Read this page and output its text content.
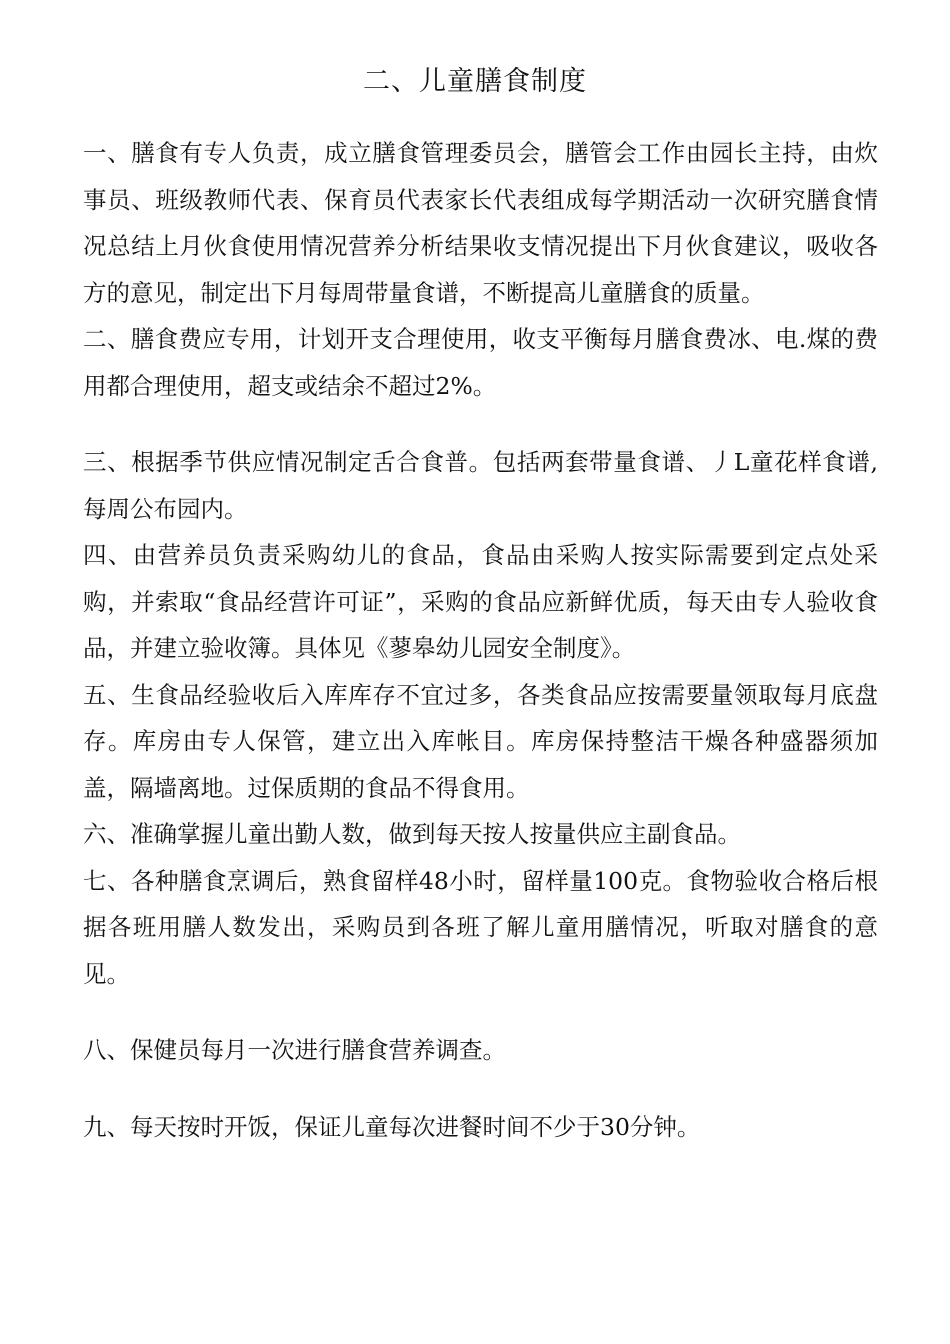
二、儿童膳食制度

一、膳食有专人负责，成立膳食管理委员会，膳管会工作由园长主持，由炊事员、班级教师代表、保育员代表家长代表组成每学期活动一次研究膳食情况总结上月伙食使用情况营养分析结果收支情况提出下月伙食建议，吸收各方的意见，制定出下月每周带量食谱，不断提高儿童膳食的质量。

二、膳食费应专用，计划开支合理使用，收支平衡每月膳食费冰、电.煤的费用都合理使用，超支或结余不超过2%。

三、根据季节供应情况制定舌合食普。包括两套带量食谱、丿L童花样食谱,每周公布园内。

四、由营养员负责采购幼儿的食品，食品由采购人按实际需要到定点处采购，并索取“食品经营许可证”，采购的食品应新鲜优质，每天由专人验收食品，并建立验收簿。具体见《蓼皋幼儿园安全制度》。

五、生食品经验收后入库库存不宜过多，各类食品应按需要量领取每月底盘存。库房由专人保管，建立出入库帐目。库房保持整洁干燥各种盛器须加盖，隔墙离地。过保质期的食品不得食用。

六、准确掌握儿童出勤人数，做到每天按人按量供应主副食品。

七、各种膳食烹调后，熟食留样48小时，留样量100克。食物验收合格后根据各班用膳人数发出，采购员到各班了解儿童用膳情况，听取对膳食的意见。

八、保健员每月一次进行膳食营养调查。

九、每天按时开饭，保证儿童每次进餐时间不少于30分钟。
